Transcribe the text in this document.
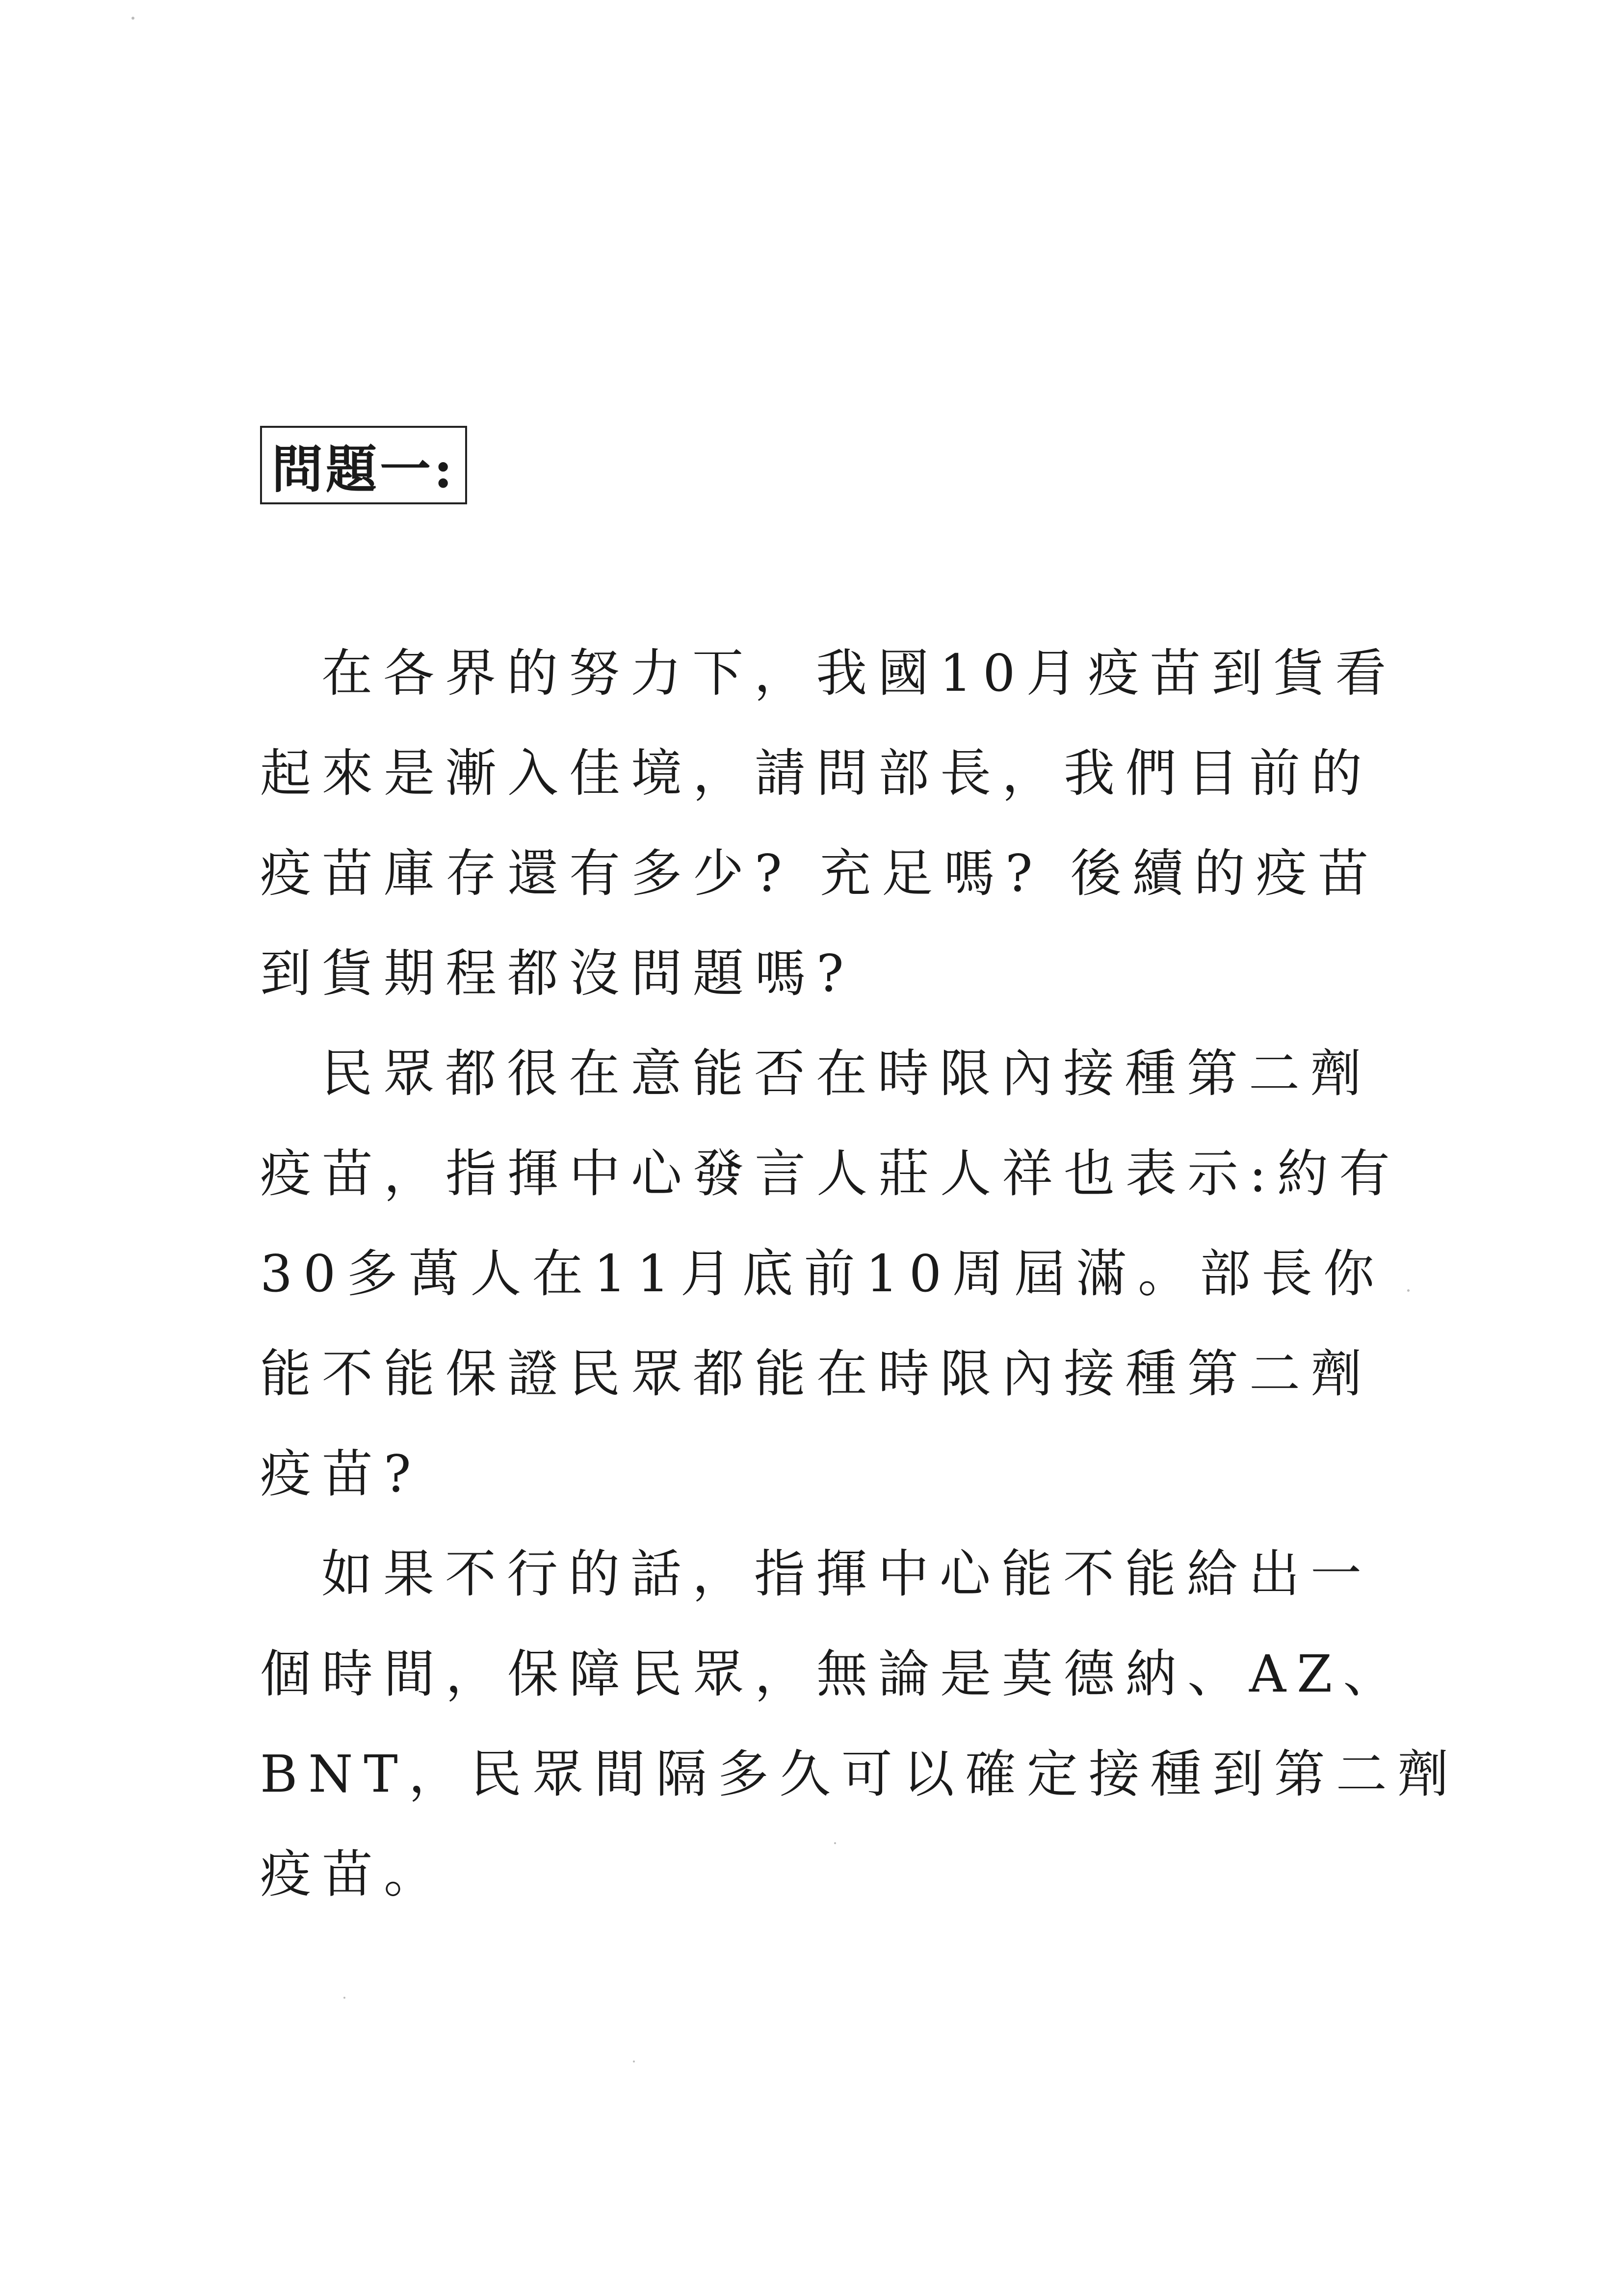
問題一:
在各界的努力下，我國10月疫苗到貨看
起來是漸入佳境，請問部長，我們目前的
疫苗庫存還有多少? 充足嗎? 後續的疫苗
到貨期程都沒問題嗎?
民眾都很在意能否在時限內接種第二劑
疫苗，指揮中心發言人莊人祥也表示:約有
30多萬人在11月底前10周屆滿。部長你
能不能保證民眾都能在時限內接種第二劑
疫苗?
如果不行的話，指揮中心能不能給出一
個時間，保障民眾，無論是莫德納、AZ、
BNT，民眾間隔多久可以確定接種到第二劑
疫苗。
